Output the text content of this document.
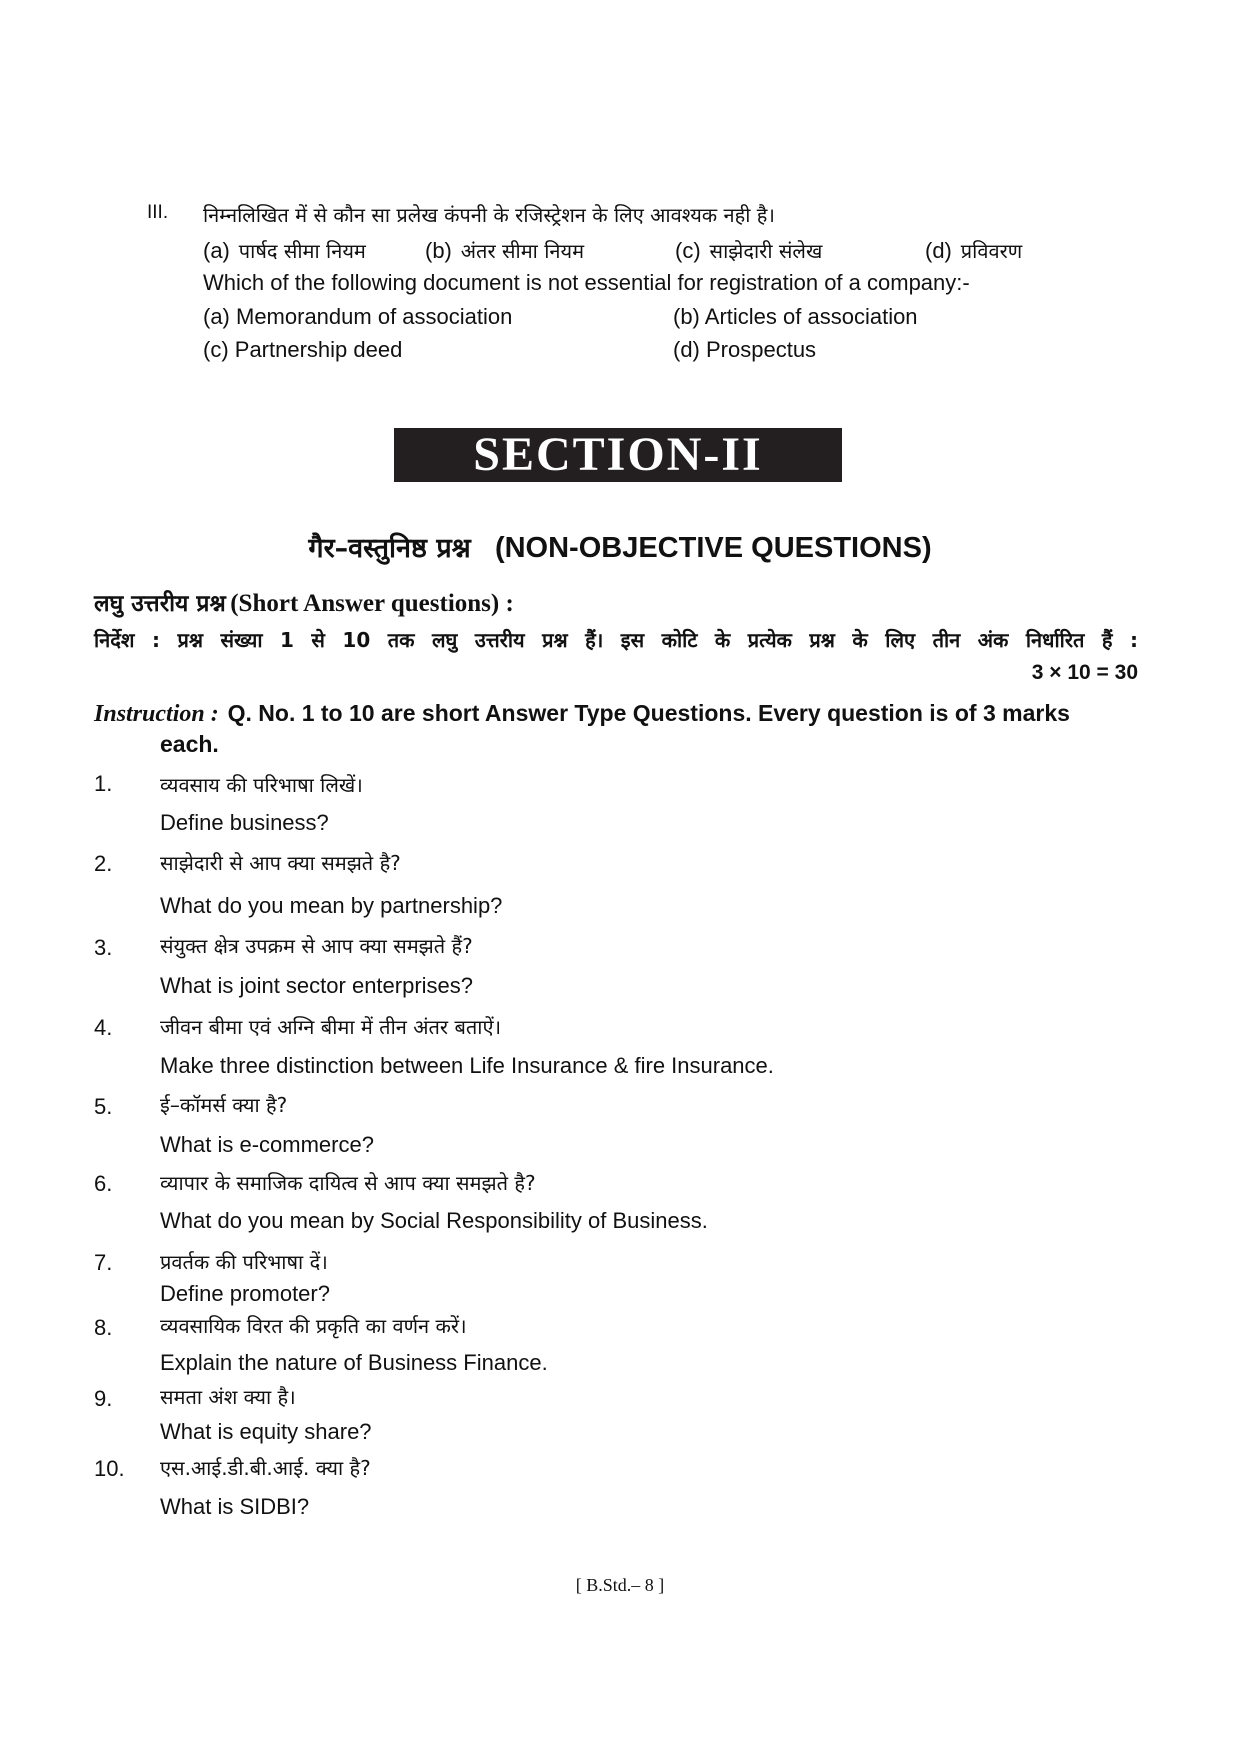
III. निम्नलिखित में से कौन सा प्रलेख कंपनी के रजिस्ट्रेशन के लिए आवश्यक नही है।
(a) पार्षद सीमा नियम	(b) अंतर सीमा नियम	(c) साझेदारी संलेख	(d) प्रविवरण
Which of the following document is not essential for registration of a company:-
(a) Memorandum of association	(b) Articles of association
(c) Partnership deed	(d) Prospectus
SECTION-II
गैर–वस्तुनिष्ठ प्रश्न (NON-OBJECTIVE QUESTIONS)
लघु उत्तरीय प्रश्न (Short Answer questions) :
निर्देश : प्रश्न संख्या 1 से 10 तक लघु उत्तरीय प्रश्न हैं। इस कोटि के प्रत्येक प्रश्न के लिए तीन अंक निर्धारित हैं :
3 × 10 = 30
Instruction : Q. No. 1 to 10 are short Answer Type Questions. Every question is of 3 marks
each.
1. व्यवसाय की परिभाषा लिखें।
Define business?
2. साझेदारी से आप क्या समझते है?
What do you mean by partnership?
3. संयुक्त क्षेत्र उपक्रम से आप क्या समझते हैं?
What is joint sector enterprises?
4. जीवन बीमा एवं अग्नि बीमा में तीन अंतर बताऐं।
Make three distinction between Life Insurance & fire Insurance.
5. ई–कॉमर्स क्या है?
What is e-commerce?
6. व्यापार के समाजिक दायित्व से आप क्या समझते है?
What do you mean by Social Responsibility of Business.
7. प्रवर्तक की परिभाषा दें।
Define promoter?
8. व्यवसायिक विरत की प्रकृति का वर्णन करें।
Explain the nature of Business Finance.
9. समता अंश क्या है।
What is equity share?
10. एस.आई.डी.बी.आई. क्या है?
What is SIDBI?
[ B.Std.– 8 ]
